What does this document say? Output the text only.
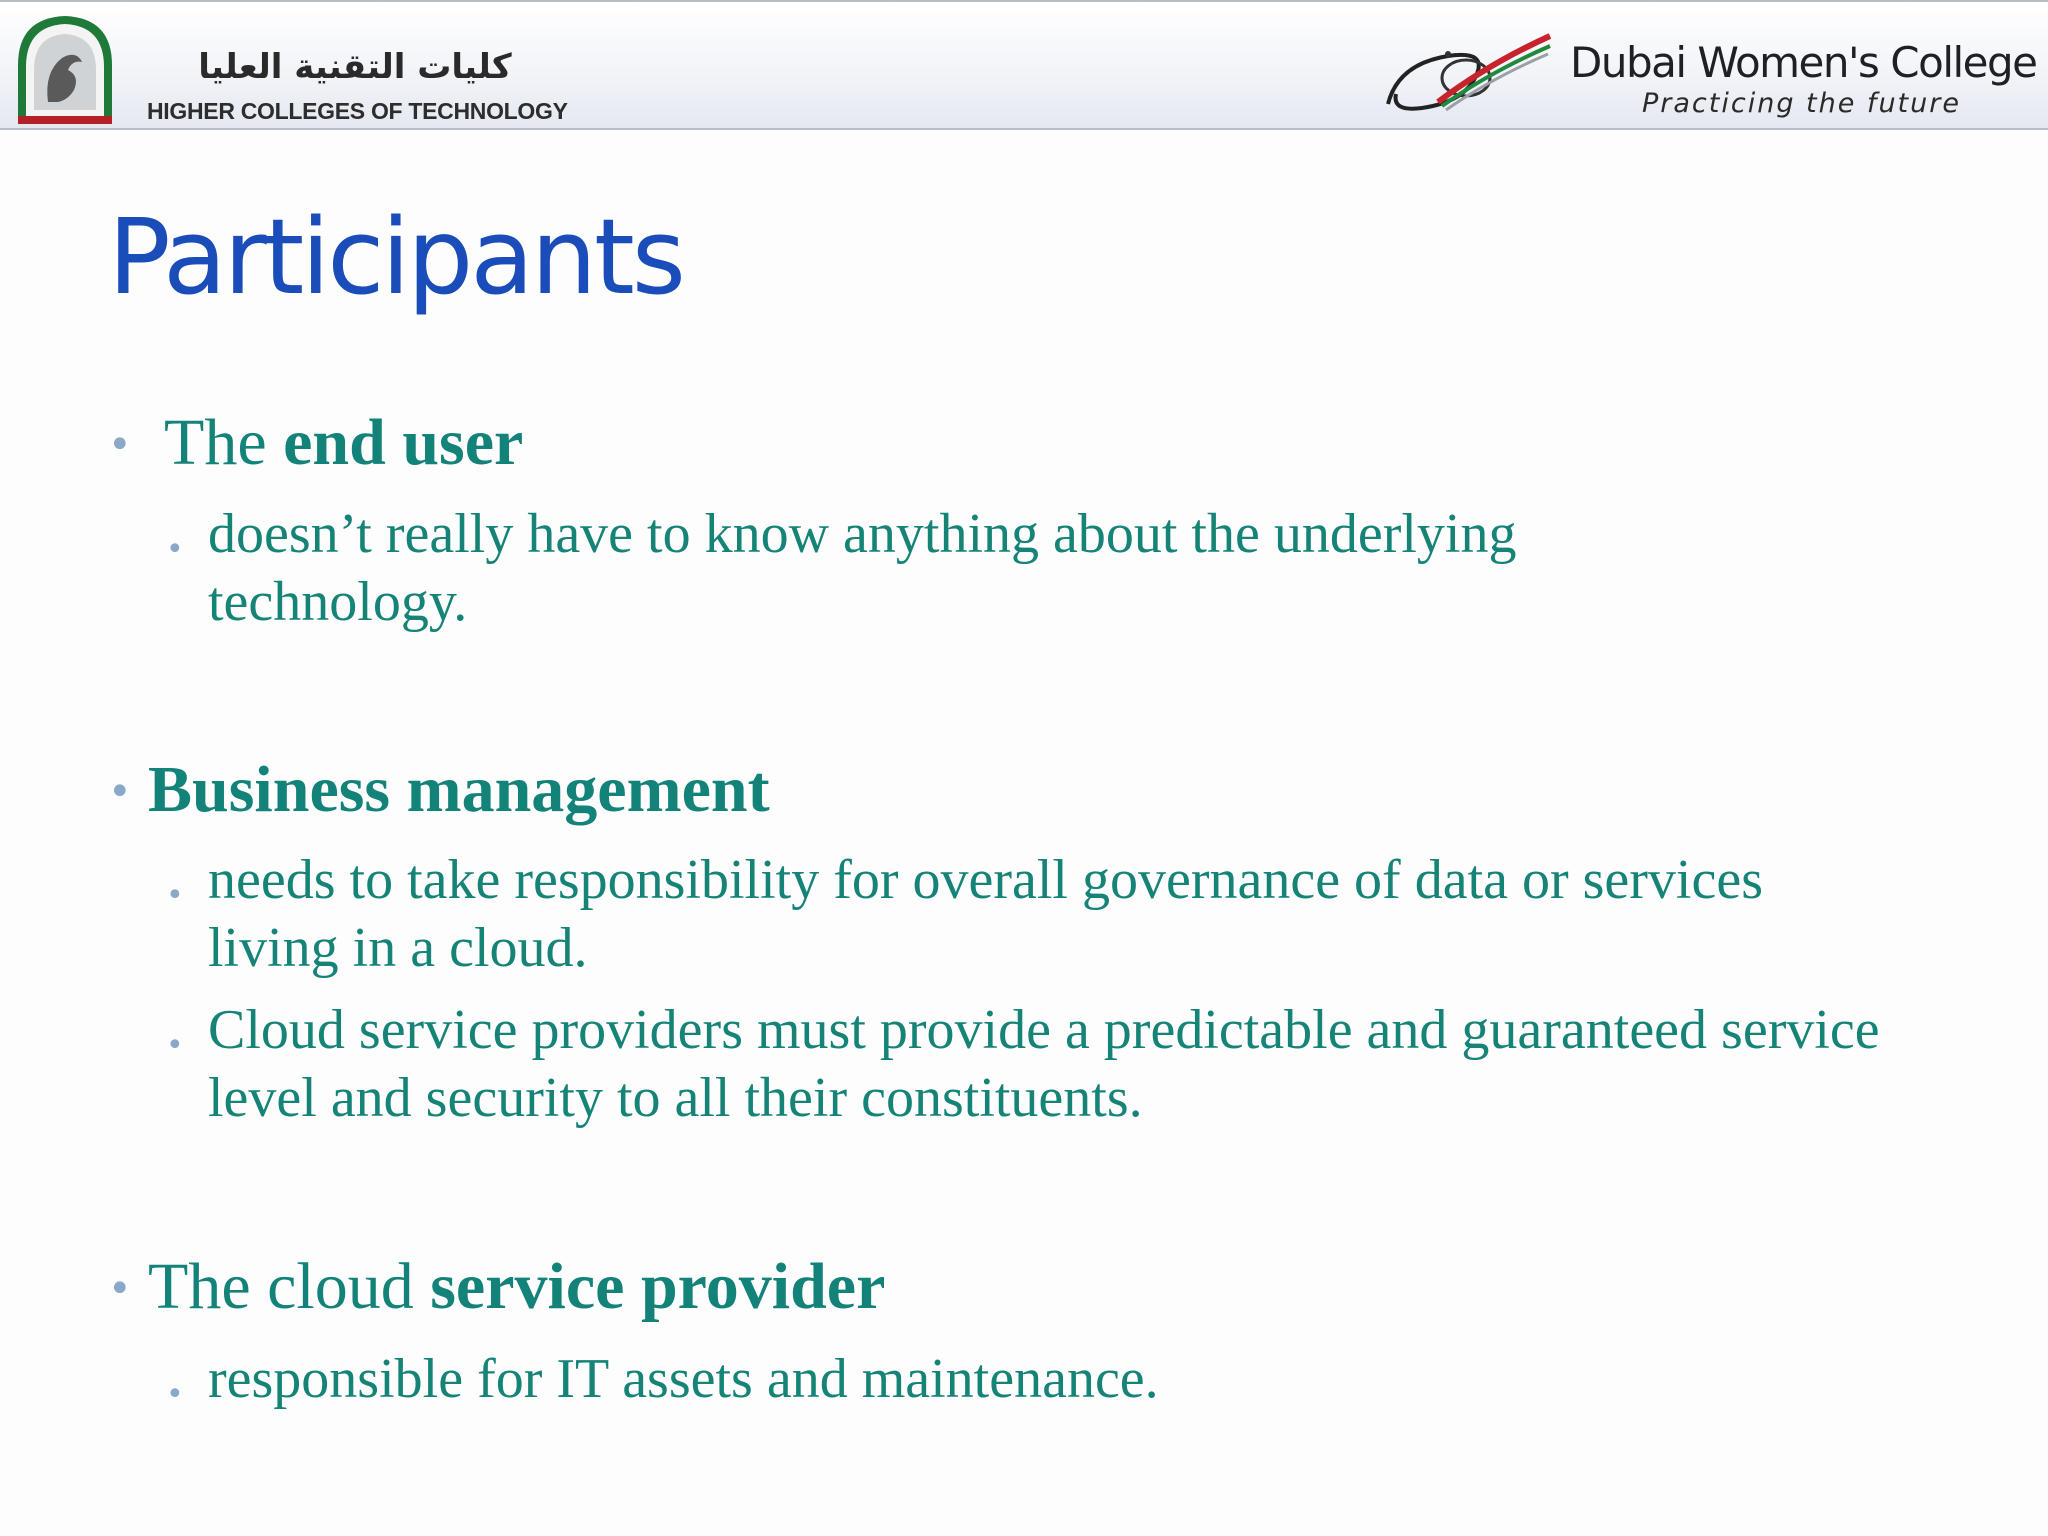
كليات التقنية العليا
HIGHER COLLEGES OF TECHNOLOGY
Dubai Women's College
Practicing the future
Participants
• The end user
• doesn’t really have to know anything about the underlying technology.
• Business management
• needs to take responsibility for overall governance of data or services living in a cloud.
• Cloud service providers must provide a predictable and guaranteed service level and security to all their constituents.
• The cloud service provider
• responsible for IT assets and maintenance.
